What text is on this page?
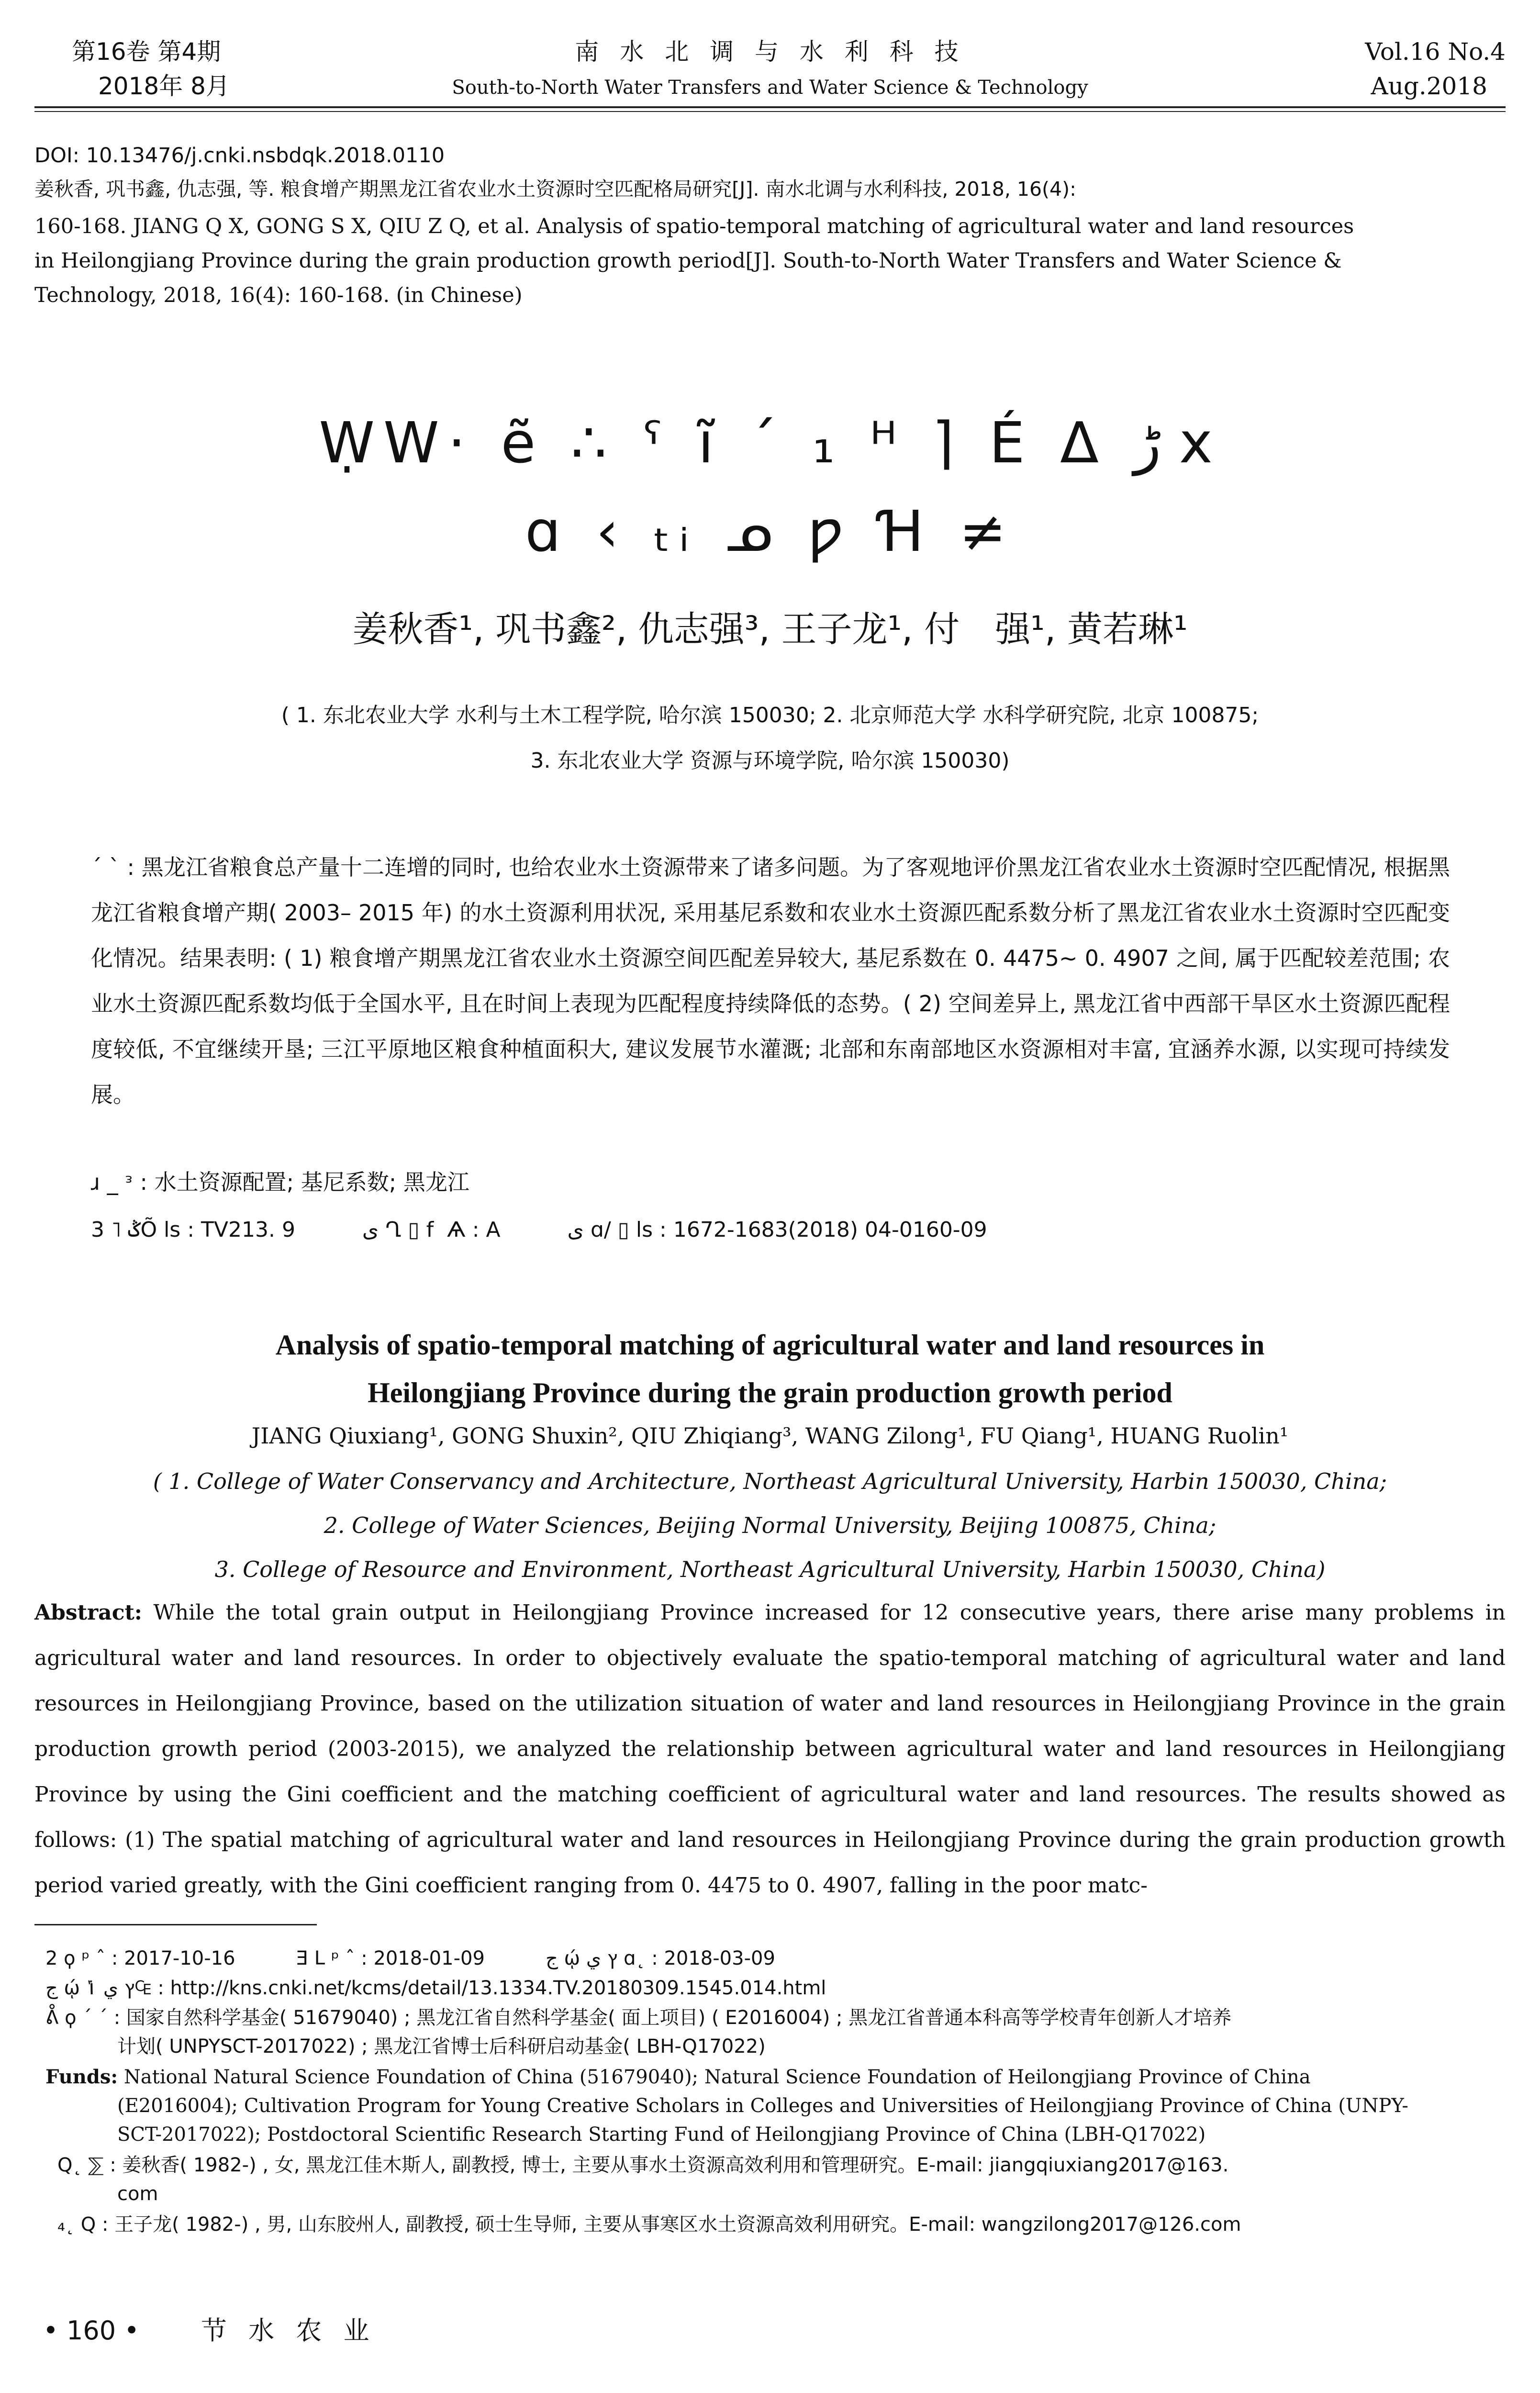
第16卷 第4期
2018年 8月
南 水 北 调 与 水 利 科 技
South-to-North Water Transfers and Water Science & Technology
Vol.16 No.4
Aug.2018
DOI: 10.13476/j.cnki.nsbdqk.2018.0110
姜秋香, 巩书鑫, 仇志强, 等. 粮食增产期黑龙江省农业水土资源时空匹配格局研究[J]. 南水北调与水利科技, 2018, 16(4):
160-168. JIANG Q X, GONG S X, QIU Z Q, et al. Analysis of spatio-temporal matching of agricultural water and land resources
in Heilongjiang Province during the grain production growth period[J]. South-to-North Water Transfers and Water Science &
Technology, 2018, 16(4): 160-168. (in Chinese)
ẈW· ẽ ∴ ˁ ĩ ´ ₁ ᴴ ⌉ É ᐃ ڑ x
ɑ ‹ ₜᵢ ᓄ ƿ Ɦ ≠
姜秋香¹, 巩书鑫², 仇志强³, 王子龙¹, 付　强¹, 黄若琳¹
( 1. 东北农业大学 水利与土木工程学院, 哈尔滨 150030; 2. 北京师范大学 水科学研究院, 北京 100875;
3. 东北农业大学 资源与环境学院, 哈尔滨 150030)
´ ` : 黑龙江省粮食总产量十二连增的同时, 也给农业水土资源带来了诸多问题。为了客观地评价黑龙江省农业水土资源时空匹配情况, 根据黑龙江省粮食增产期( 2003– 2015 年) 的水土资源利用状况, 采用基尼系数和农业水土资源匹配系数分析了黑龙江省农业水土资源时空匹配变化情况。结果表明: ( 1) 粮食增产期黑龙江省农业水土资源空间匹配差异较大, 基尼系数在 0. 4475~ 0. 4907 之间, 属于匹配较差范围; 农业水土资源匹配系数均低于全国水平, 且在时间上表现为匹配程度持续降低的态势。( 2) 空间差异上, 黑龙江省中西部干旱区水土资源匹配程度较低, 不宜继续开垦; 三江平原地区粮食种植面积大, 建议发展节水灌溉; 北部和东南部地区水资源相对丰富, 宜涵养水源, 以实现可持续发展。
ɹ _ ᵌ : 水土资源配置; 基尼系数; 黑龙江
3 ˥ ݣÕ ls : TV213. 9          ى Ղ ▯ f  Ѧ : A          ى ɑ/ ▯ ls : 1672-1683(2018) 04-0160-09
Analysis of spatio-temporal matching of agricultural water and land resources in
Heilongjiang Province during the grain production growth period
JIANG Qiuxiang¹, GONG Shuxin², QIU Zhiqiang³, WANG Zilong¹, FU Qiang¹, HUANG Ruolin¹
( 1. College of Water Conservancy and Architecture, Northeast Agricultural University, Harbin 150030, China;
2. College of Water Sciences, Beijing Normal University, Beijing 100875, China;
3. College of Resource and Environment, Northeast Agricultural University, Harbin 150030, China)
Abstract: While the total grain output in Heilongjiang Province increased for 12 consecutive years, there arise many problems in agricultural water and land resources. In order to objectively evaluate the spatio-temporal matching of agricultural water and land resources in Heilongjiang Province, based on the utilization situation of water and land resources in Heilongjiang Province in the grain production growth period (2003-2015), we analyzed the relationship between agricultural water and land resources in Heilongjiang Province by using the Gini coefficient and the matching coefficient of agricultural water and land resources. The results showed as follows: (1) The spatial matching of agricultural water and land resources in Heilongjiang Province during the grain production growth period varied greatly, with the Gini coefficient ranging from 0. 4475 to 0. 4907, falling in the poor matc-
2 ϙ ᵖ ˆ : 2017-10-16          ⴺ ᒪ ᵖ ˆ : 2018-01-09          ج ῴ ץ ي ɑ˛ : 2018-03-09
ج ῴ ץ ي ݴ₠ : http://kns.cnki.net/kcms/detail/13.1334.TV.20180309.1545.014.html
ᕔ ϙ ´ ´ : 国家自然科学基金( 51679040) ; 黑龙江省自然科学基金( 面上项目) ( E2016004) ; 黑龙江省普通本科高等学校青年创新人才培养
计划( UNPYSCT-2017022) ; 黑龙江省博士后科研启动基金( LBH-Q17022)
Funds: National Natural Science Foundation of China (51679040); Natural Science Foundation of Heilongjiang Province of China
(E2016004); Cultivation Program for Young Creative Scholars in Colleges and Universities of Heilongjiang Province of China (UNPY-
SCT-2017022); Postdoctoral Scientific Research Starting Fund of Heilongjiang Province of China (LBH-Q17022)
Q˛ ⅀ : 姜秋香( 1982-) , 女, 黑龙江佳木斯人, 副教授, 博士, 主要从事水土资源高效利用和管理研究。E-mail: jiangqiuxiang2017@163.
com
₄˛ Q : 王子龙( 1982-) , 男, 山东胶州人, 副教授, 硕士生导师, 主要从事寒区水土资源高效利用研究。E-mail: wangzilong2017@126.com
• 160 • 节 水 农 业
